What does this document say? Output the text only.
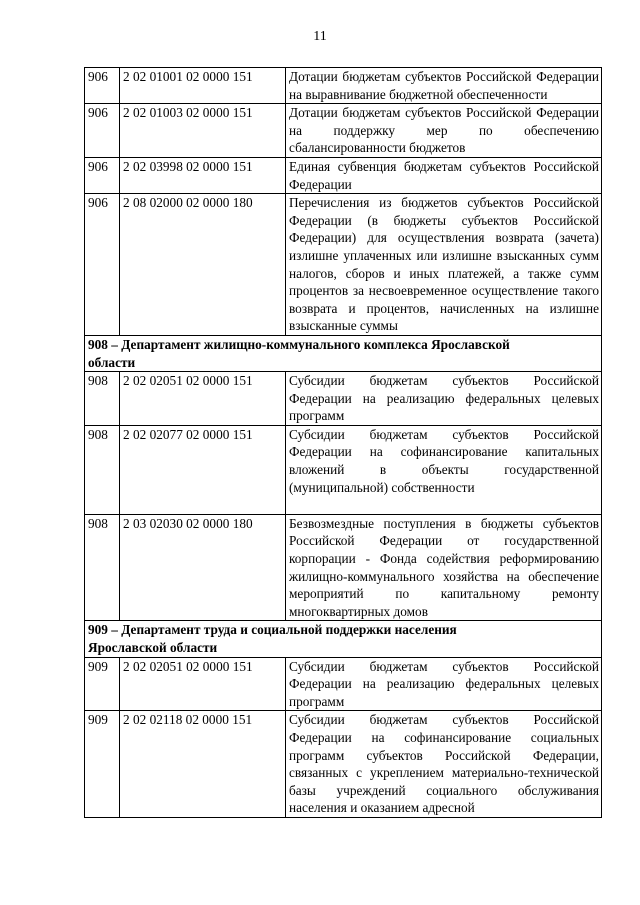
11
906	2 02 01001 02 0000 151	Дотации бюджетам субъектов Российской Федерации на выравнивание бюджетной обеспеченности
906	2 02 01003 02 0000 151	Дотации бюджетам субъектов Российской Федерации на поддержку мер по обеспечению сбалансированности бюджетов
906	2 02 03998 02 0000 151	Единая субвенция бюджетам субъектов Российской Федерации
906	2 08 02000 02 0000 180	Перечисления из бюджетов субъектов Российской Федерации (в бюджеты субъектов Российской Федерации) для осуществления возврата (зачета) излишне уплаченных или излишне взысканных сумм налогов, сборов и иных платежей, а также сумм процентов за несвоевременное осуществление такого возврата и процентов, начисленных на излишне взысканные суммы

908 – Департамент жилищно-коммунального комплекса Ярославской области		

908	2 02 02051 02 0000 151	Субсидии бюджетам субъектов Российской Федерации на реализацию федеральных целевых программ
908	2 02 02077 02 0000 151	Субсидии бюджетам субъектов Российской Федерации на софинансирование капитальных вложений в объекты государственной (муниципальной) собственности
908	2 03 02030 02 0000 180	Безвозмездные поступления в бюджеты субъектов Российской Федерации от государственной корпорации - Фонда содействия реформированию жилищно-коммунального хозяйства на обеспечение мероприятий по капитальному ремонту многоквартирных домов

909 – Департамент труда и социальной поддержки населения Ярославской области		

909	2 02 02051 02 0000 151	Субсидии бюджетам субъектов Российской Федерации на реализацию федеральных целевых программ
909	2 02 02118 02 0000 151	Субсидии бюджетам субъектов Российской Федерации на софинансирование социальных программ субъектов Российской Федерации, связанных с укреплением материально-технической базы учреждений социального обслуживания населения и оказанием адресной
